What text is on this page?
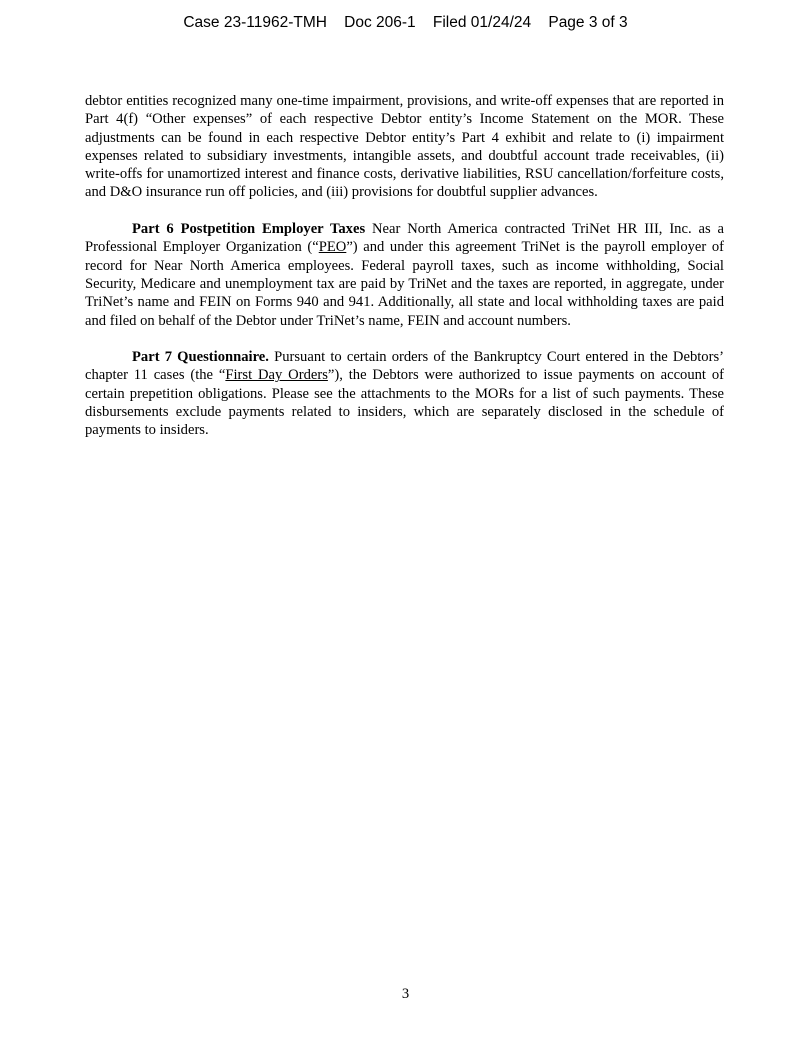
Case 23-11962-TMH    Doc 206-1    Filed 01/24/24    Page 3 of 3

debtor entities recognized many one-time impairment, provisions, and write-off expenses that are reported in Part 4(f) “Other expenses” of each respective Debtor entity’s Income Statement on the MOR. These adjustments can be found in each respective Debtor entity’s Part 4 exhibit and relate to (i) impairment expenses related to subsidiary investments, intangible assets, and doubtful account trade receivables, (ii) write-offs for unamortized interest and finance costs, derivative liabilities, RSU cancellation/forfeiture costs, and D&O insurance run off policies, and (iii) provisions for doubtful supplier advances.

Part 6 Postpetition Employer Taxes Near North America contracted TriNet HR III, Inc. as a Professional Employer Organization (“PEO”) and under this agreement TriNet is the payroll employer of record for Near North America employees. Federal payroll taxes, such as income withholding, Social Security, Medicare and unemployment tax are paid by TriNet and the taxes are reported, in aggregate, under TriNet’s name and FEIN on Forms 940 and 941. Additionally, all state and local withholding taxes are paid and filed on behalf of the Debtor under TriNet’s name, FEIN and account numbers.

Part 7 Questionnaire. Pursuant to certain orders of the Bankruptcy Court entered in the Debtors’ chapter 11 cases (the “First Day Orders”), the Debtors were authorized to issue payments on account of certain prepetition obligations. Please see the attachments to the MORs for a list of such payments. These disbursements exclude payments related to insiders, which are separately disclosed in the schedule of payments to insiders.

3
